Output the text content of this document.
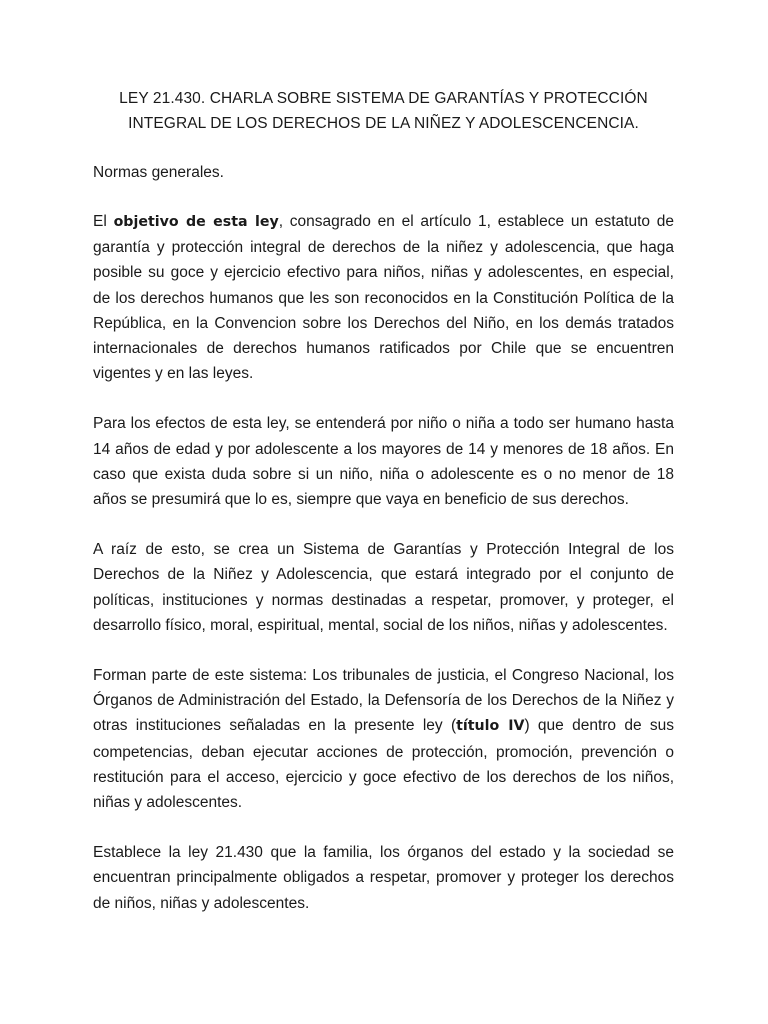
LEY 21.430. CHARLA SOBRE SISTEMA DE GARANTÍAS Y PROTECCIÓN
INTEGRAL DE LOS DERECHOS DE LA NIÑEZ Y ADOLESCENCENCIA.
Normas generales.

El objetivo de esta ley, consagrado en el artículo 1, establece un estatuto de garantía y protección integral de derechos de la niñez y adolescencia, que haga posible su goce y ejercicio efectivo para niños, niñas y adolescentes, en especial, de los derechos humanos que les son reconocidos en la Constitución Política de la República, en la Convencion sobre los Derechos del Niño, en los demás tratados internacionales de derechos humanos ratificados por Chile que se encuentren vigentes y en las leyes.

Para los efectos de esta ley, se entenderá por niño o niña a todo ser humano hasta 14 años de edad y por adolescente a los mayores de 14 y menores de 18 años. En caso que exista duda sobre si un niño, niña o adolescente es o no menor de 18 años se presumirá que lo es, siempre que vaya en beneficio de sus derechos.

A raíz de esto, se crea un Sistema de Garantías y Protección Integral de los Derechos de la Niñez y Adolescencia, que estará integrado por el conjunto de políticas, instituciones y normas destinadas a respetar, promover, y proteger, el desarrollo físico, moral, espiritual, mental, social de los niños, niñas y adolescentes.

Forman parte de este sistema: Los tribunales de justicia, el Congreso Nacional, los Órganos de Administración del Estado, la Defensoría de los Derechos de la Niñez y otras instituciones señaladas en la presente ley (título IV) que dentro de sus competencias, deban ejecutar acciones de protección, promoción, prevención o restitución para el acceso, ejercicio y goce efectivo de los derechos de los niños, niñas y adolescentes.

Establece la ley 21.430 que la familia, los órganos del estado y la sociedad se encuentran principalmente obligados a respetar, promover y proteger los derechos de niños, niñas y adolescentes.
